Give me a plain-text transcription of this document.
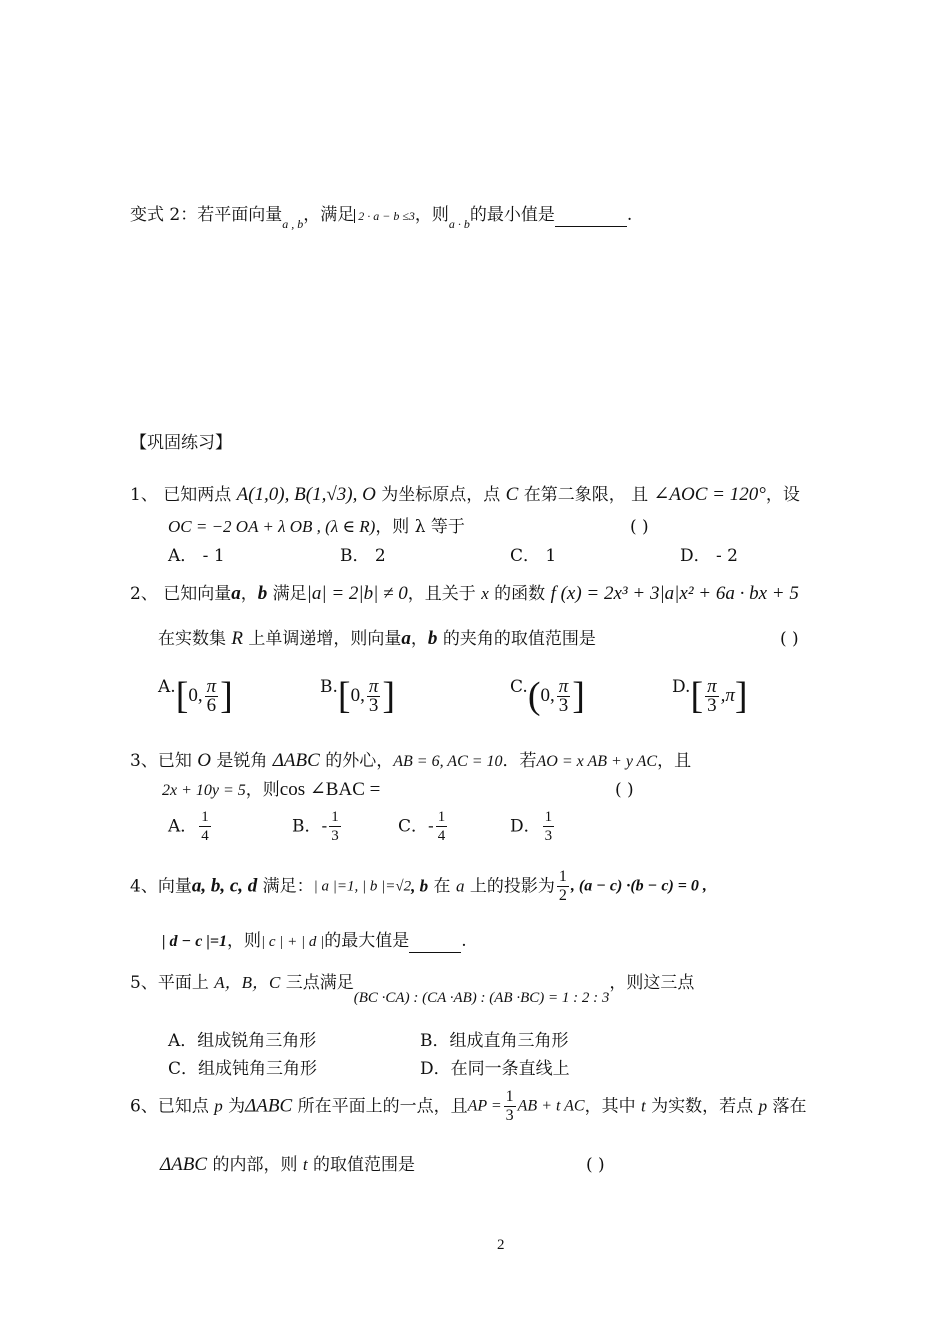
变式 2：若平面向量$_{a , b}$，满足 2 · a − b ≤3，则$_{a \cdot b}$的最小值是	.
【巩固练习】
1、 已知两点 A(1,0), B(1,√3), O 为坐标原点，点 C 在第二象限， 且 ∠AOC = 120°，设
OC = −2 OA + λ OB , (λ ∈ R)，则 λ 等于	( )
A． - 1	B． 2	C． 1	D． - 2
2、 已知向量a，b 满足|a| = 2|b| ≠ 0，且关于 x 的函数 f (x) = 2x³ + 3|a|x² + 6a · bx + 5
在实数集 R 上单调递增，则向量a，b 的夹角的取值范围是	( )
A.[0, $\frac{\pi}{6}$ ]	B.[0, $\frac{\pi}{3}$ ]	C.(0, $\frac{\pi}{3}$ ]	$D.[ \frac{\pi}{3} ,\pi]$
3、已知 O 是锐角 ΔABC 的外心，AB = 6, AC = 10．若AO = x AB + y AC，且
2x + 10y = 5，则cos ∠BAC =	( )
A． $\frac{1}{4}$	B．- $\frac{1}{3}$	C．- $\frac{1}{4}$	D． $\frac{1}{3}$
4、向量a, b, c, d 满足：| a |=1, | b |=√2, b 在 a 上的投影为 $\frac{1}{2}$ , (a − c) ·(b − c) = 0 ,
| d − c |=1，则| c | + | d |的最大值是	.
5、平面上 A，B，C 三点满足(BC ·CA) : (CA ·AB) : (AB ·BC) = 1 : 2 : 3，则这三点
A．组成锐角三角形	B．组成直角三角形
C．组成钝角三角形	D．在同一条直线上
6、已知点 p 为ΔABC 所在平面上的一点，且AP = $\frac{1}{3}$ AB + t AC，其中 t 为实数，若点 p 落在
ΔABC 的内部，则 t 的取值范围是	( )
2
